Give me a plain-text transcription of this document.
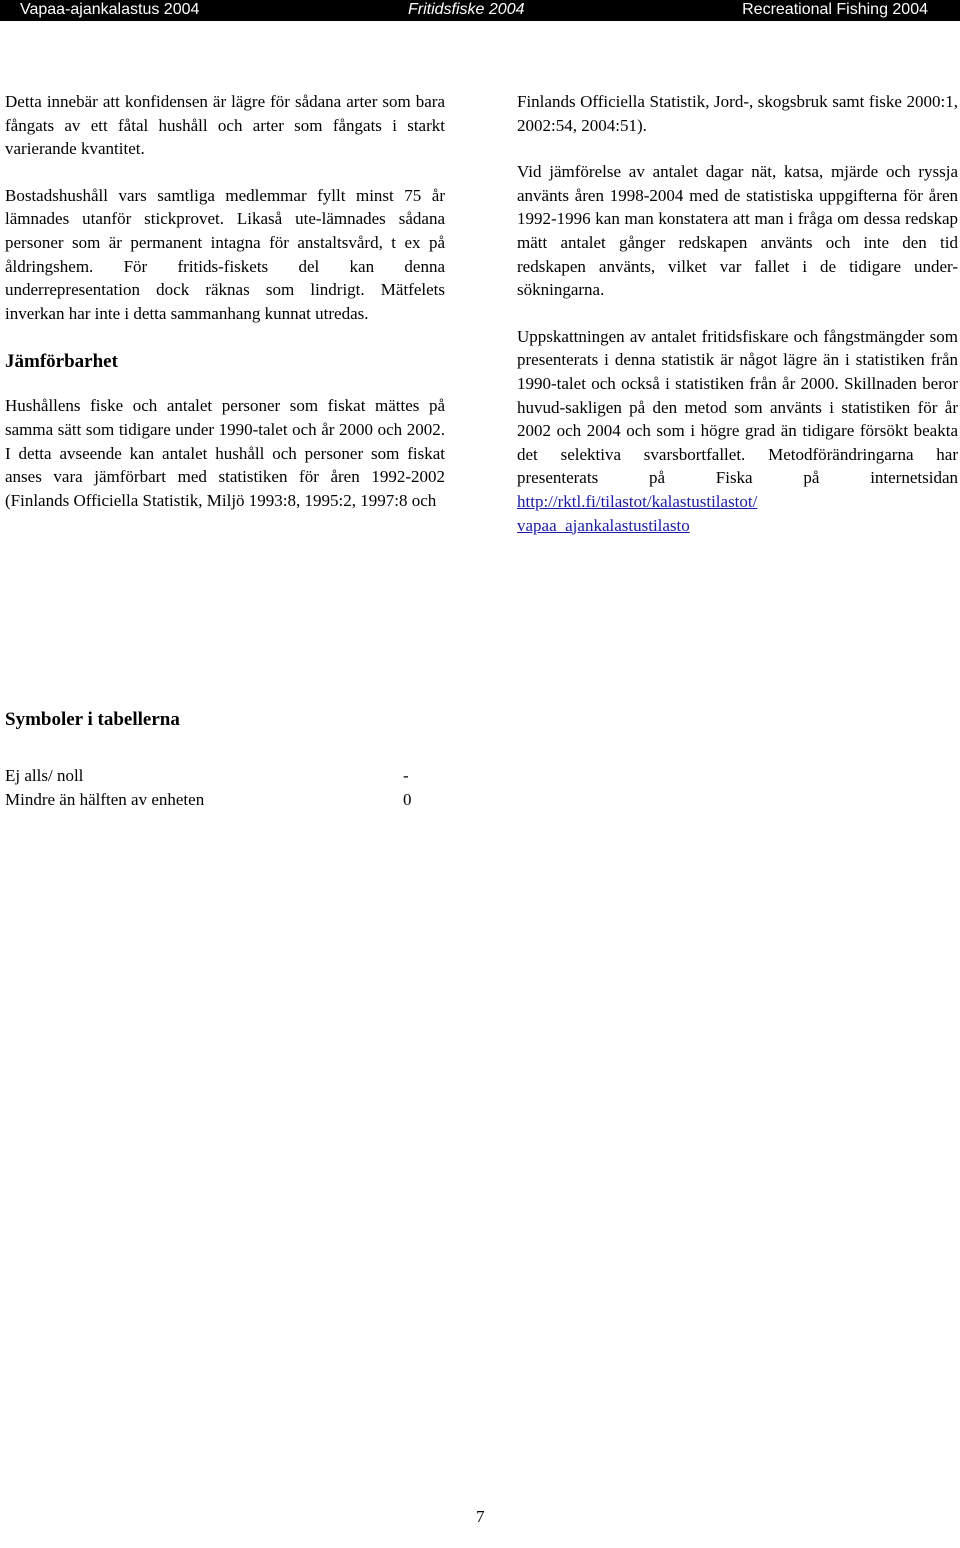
Vapaa-ajankalastus 2004	Fritidsfiske 2004	Recreational Fishing 2004

Detta innebär att konfidensen är lägre för sådana arter som bara fångats av ett fåtal hushåll och arter som fångats i starkt varierande kvantitet.

Bostadshushåll vars samtliga medlemmar fyllt minst 75 år lämnades utanför stickprovet. Likaså ute-lämnades sådana personer som är permanent intagna för anstaltsvård, t ex på åldringshem. För fritids-fiskets del kan denna underrepresentation dock räknas som lindrigt. Mätfelets inverkan har inte i detta sammanhang kunnat utredas.

Jämförbarhet

Hushållens fiske och antalet personer som fiskat mättes på samma sätt som tidigare under 1990-talet och år 2000 och 2002. I detta avseende kan antalet hushåll och personer som fiskat anses vara jämförbart med statistiken för åren 1992-2002 (Finlands Officiella Statistik, Miljö 1993:8, 1995:2, 1997:8 och

Finlands Officiella Statistik, Jord-, skogsbruk samt fiske 2000:1, 2002:54, 2004:51).

Vid jämförelse av antalet dagar nät, katsa, mjärde och ryssja använts åren 1998-2004 med de statistiska uppgifterna för åren 1992-1996 kan man konstatera att man i fråga om dessa redskap mätt antalet gånger redskapen använts och inte den tid redskapen använts, vilket var fallet i de tidigare under-sökningarna.

Uppskattningen av antalet fritidsfiskare och fångstmängder som presenterats i denna statistik är något lägre än i statistiken från 1990-talet och också i statistiken från år 2000. Skillnaden beror huvud-sakligen på den metod som använts i statistiken för år 2002 och 2004 och som i högre grad än tidigare försökt beakta det selektiva svarsbortfallet. Metodförändringarna har presenterats på Fiska på internetsidan http://rktl.fi/tilastot/kalastustilastot/
vapaa_ajankalastustilasto

Symboler i tabellerna
Ej alls/ noll	-
Mindre än hälften av enheten	0
7
